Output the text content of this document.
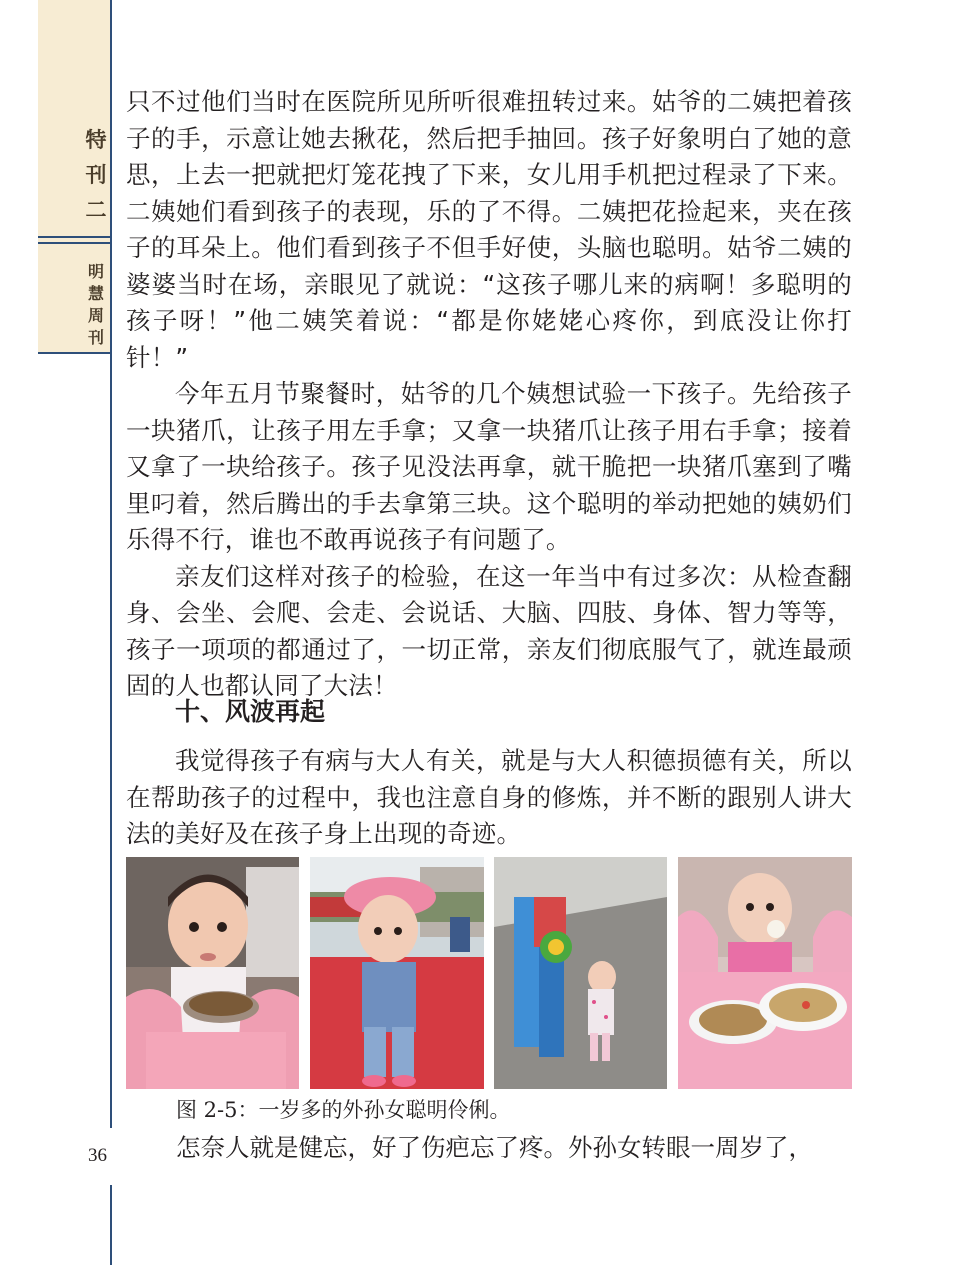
特
刊
二
明
慧
周
刊

只不过他们当时在医院所见所听很难扭转过来。姑爷的二姨把着孩子的手，示意让她去揪花，然后把手抽回。孩子好象明白了她的意思，上去一把就把灯笼花拽了下来，女儿用手机把过程录了下来。二姨她们看到孩子的表现，乐的了不得。二姨把花捡起来，夹在孩子的耳朵上。他们看到孩子不但手好使，头脑也聪明。姑爷二姨的婆婆当时在场，亲眼见了就说：“这孩子哪儿来的病啊！多聪明的孩子呀！”他二姨笑着说：“都是你姥姥心疼你，到底没让你打针！”

今年五月节聚餐时，姑爷的几个姨想试验一下孩子。先给孩子一块猪爪，让孩子用左手拿；又拿一块猪爪让孩子用右手拿；接着又拿了一块给孩子。孩子见没法再拿，就干脆把一块猪爪塞到了嘴里叼着，然后腾出的手去拿第三块。这个聪明的举动把她的姨奶们乐得不行，谁也不敢再说孩子有问题了。

亲友们这样对孩子的检验，在这一年当中有过多次：从检查翻身、会坐、会爬、会走、会说话、大脑、四肢、身体、智力等等，孩子一项项的都通过了，一切正常，亲友们彻底服气了，就连最顽固的人也都认同了大法！

十、风波再起

我觉得孩子有病与大人有关，就是与大人积德损德有关，所以在帮助孩子的过程中，我也注意自身的修炼，并不断的跟别人讲大法的美好及在孩子身上出现的奇迹。

图 2-5：一岁多的外孙女聪明伶俐。
怎奈人就是健忘，好了伤疤忘了疼。外孙女转眼一周岁了，
36
